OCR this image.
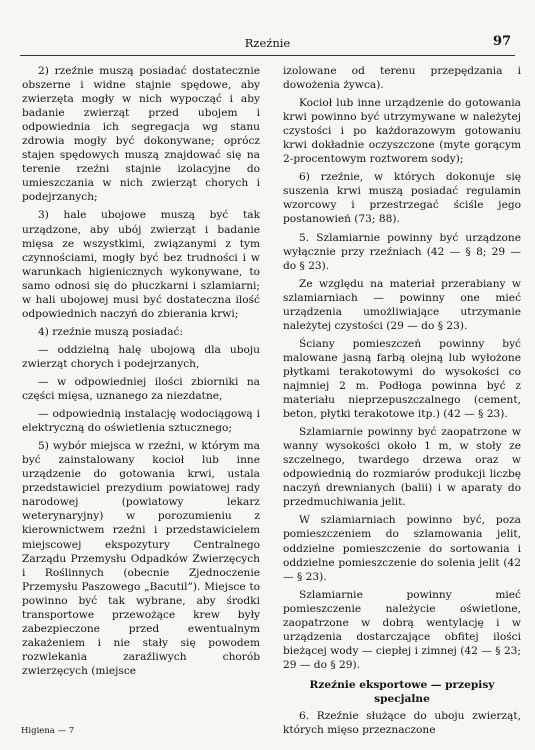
Rzeźnie	97

2) rzeźnie muszą posiadać dostatecznie obszerne i widne stajnie spędowe, aby zwierzęta mogły w nich wypocząć i aby badanie zwierząt przed ubojem i odpowiednia ich segregacja wg stanu zdrowia mogły być dokonywane; oprócz stajen spędowych muszą znajdować się na terenie rzeźni stajnie izolacyjne do umieszczania w nich zwierząt chorych i podejrzanych;

3) hale ubojowe muszą być tak urządzone, aby ubój zwierząt i badanie mięsa ze wszystkimi, związanymi z tym czynnościami, mogły być bez trudności i w warunkach higienicznych wykonywane, to samo odnosi się do płuczkarni i szlamiarni; w hali ubojowej musi być dostateczna ilość odpowiednich naczyń do zbierania krwi;

4) rzeźnie muszą posiadać:

— oddzielną halę ubojową dla uboju zwierząt chorych i podejrzanych,

— w odpowiedniej ilości zbiorniki na części mięsa, uznanego za niezdatne,

— odpowiednią instalację wodociągową i elektryczną do oświetlenia sztucznego;

5) wybór miejsca w rzeźni, w którym ma być zainstalowany kocioł lub inne urządzenie do gotowania krwi, ustala przedstawiciel prezydium powiatowej rady narodowej (powiatowy lekarz weterynaryjny) w porozumieniu z kierownictwem rzeźni i przedstawicielem miejscowej ekspozytury Centralnego Zarządu Przemysłu Odpadków Zwierzęcych i Roślinnych (obecnie Zjednoczenie Przemysłu Paszowego „Bacutil”). Miejsce to powinno być tak wybrane, aby środki transportowe przewożące krew były zabezpieczone przed ewentualnym zakażeniem i nie stały się powodem rozwlekania zaraźliwych chorób zwierzęcych (miejsce

izolowane od terenu przepędzania i dowożenia żywca).

Kocioł lub inne urządzenie do gotowania krwi powinno być utrzymywane w należytej czystości i po każdorazowym gotowaniu krwi dokładnie oczyszczone (myte gorącym 2-procentowym roztworem sody);

6) rzeźnie, w których dokonuje się suszenia krwi muszą posiadać regulamin wzorcowy i przestrzegać ściśle jego postanowień (73; 88).

5. Szlamiarnie powinny być urządzone wyłącznie przy rzeźniach (42 — § 8; 29 — do § 23).

Ze względu na materiał przerabiany w szlamiarniach — powinny one mieć urządzenia umożliwiające utrzymanie należytej czystości (29 — do § 23).

Ściany pomieszczeń powinny być malowane jasną farbą olejną lub wyłożone płytkami terakotowymi do wysokości co najmniej 2 m. Podłoga powinna być z materiału nieprzepuszczalnego (cement, beton, płytki terakotowe itp.) (42 — § 23).

Szlamiarnie powinny być zaopatrzone w wanny wysokości około 1 m, w stoły ze szczelnego, twardego drzewa oraz w odpowiednią do rozmiarów produkcji liczbę naczyń drewnianych (balii) i w aparaty do przedmuchiwania jelit.

W szlamiarniach powinno być, poza pomieszczeniem do szlamowania jelit, oddzielne pomieszczenie do sortowania i oddzielne pomieszczenie do solenia jelit (42 — § 23).

Szlamiarnie powinny mieć pomieszczenie należycie oświetlone, zaopatrzone w dobrą wentylację i w urządzenia dostarczające obfitej ilości bieżącej wody — ciepłej i zimnej (42 — § 23; 29 — do § 29).

Rzeźnie eksportowe — przepisy specjalne

6. Rzeźnie służące do uboju zwierząt, których mięso przeznaczone

Higiena — 7
